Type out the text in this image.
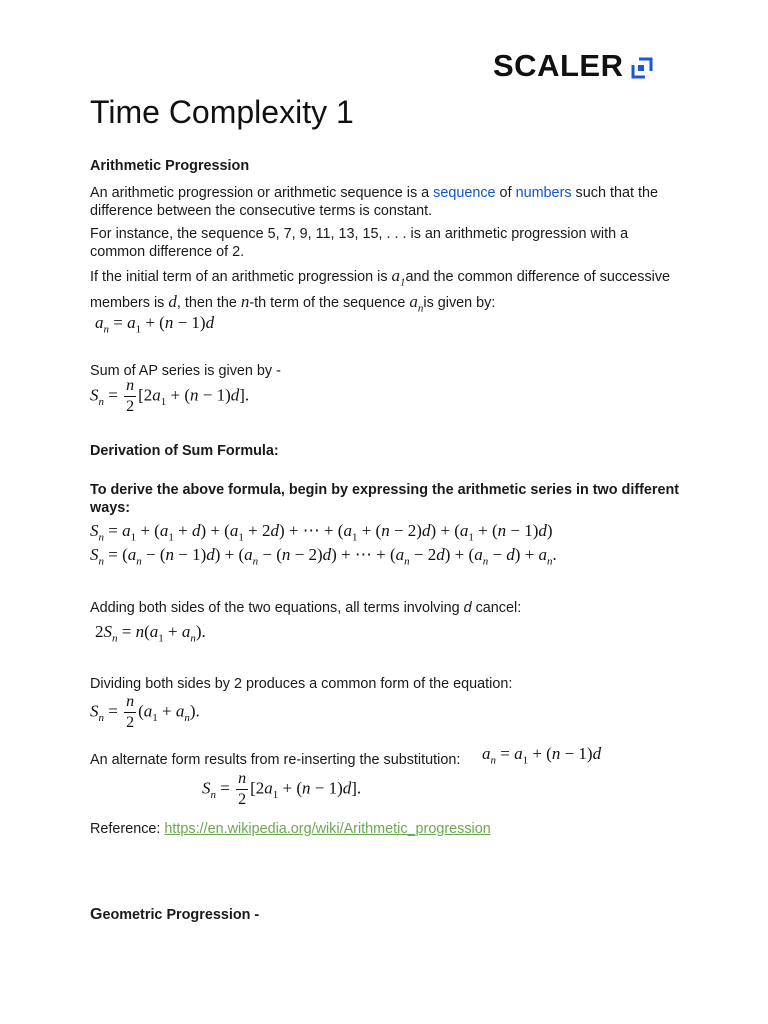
SCALER
Time Complexity 1
Arithmetic Progression
An arithmetic progression or arithmetic sequence is a sequence of numbers such that the difference between the consecutive terms is constant.
For instance, the sequence 5, 7, 9, 11, 13, 15, . . . is an arithmetic progression with a common difference of 2.
If the initial term of an arithmetic progression is $a_1and$ the common difference of successive members is d, then the n-th term of the sequence $a_nis$ given by:
$a_n = a_1 + (n - 1)d$
Sum of AP series is given by -
$S_n = \frac{n}{2} [2a_1 + (n - 1)d]$.
Derivation of Sum Formula:
To derive the above formula, begin by expressing the arithmetic series in two different ways:
$S_n = a_1 + (a_1 + d) + (a_1 + 2d)$ + ⋯ + $(a_1 + (n - 2)d) + (a_1 + (n - 1)d)$
$S_n = (a_n - (n - 1)d) + (a_n - (n - 2)d)$ + ⋯ + $(a_n - 2d) + (a_n - d) + a_n$.
Adding both sides of the two equations, all terms involving d cancel:
$2S_n = n(a_1 + a_n)$.
Dividing both sides by 2 produces a common form of the equation:
$S_n = \frac{n}{2} (a_1 + a_n)$.
An alternate form results from re-inserting the substitution:	$a_n = a_1 + (n - 1)d$
$S_n = \frac{n}{2} [2a_1 + (n - 1)d]$.
Reference: https://en.wikipedia.org/wiki/Arithmetic_progression
Geometric Progression -
